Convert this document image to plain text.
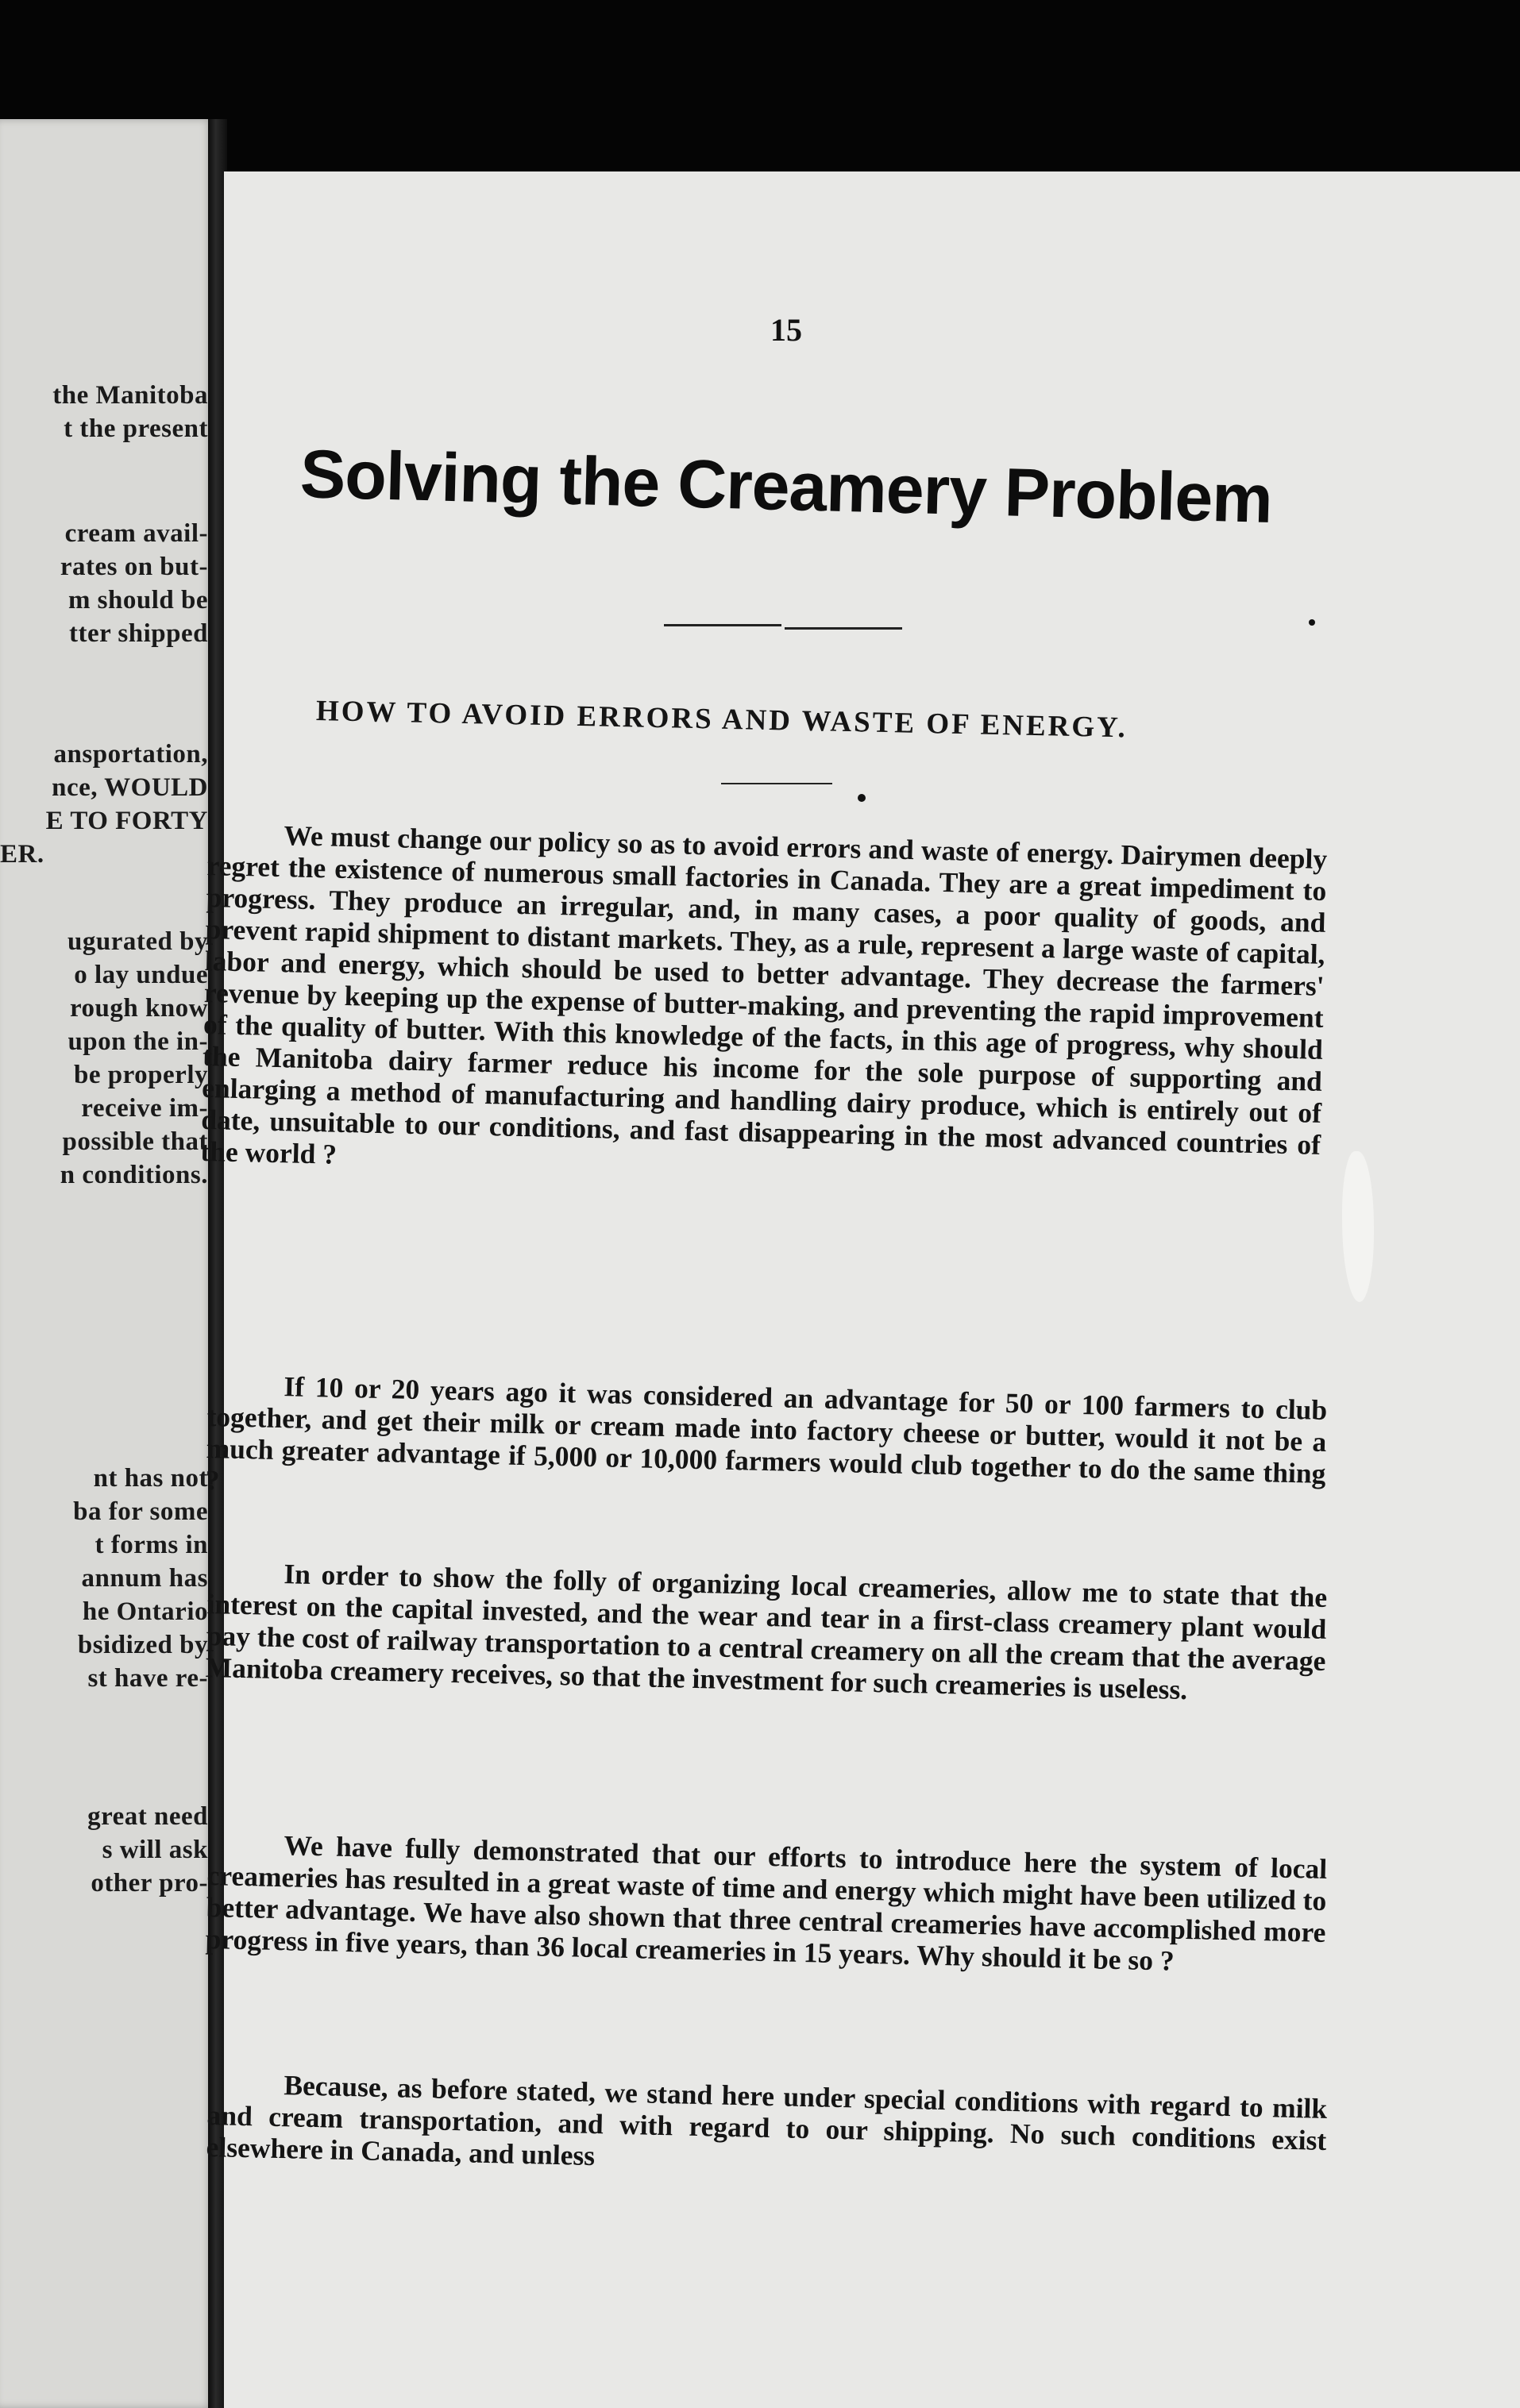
the Manitoba
t the present
cream avail-
rates on but-
m should be
tter shipped
ansportation,
nce, WOULD
E TO FORTY
ER.
ugurated by
o lay undue
rough know
upon the in-
be properly
receive im-
possible that
n conditions.
nt has not
ba for some
t forms in
annum has
he Ontario
bsidized by
st have re-
great need
s will ask
other pro-
15
Solving the Creamery Problem
HOW TO AVOID ERRORS AND WASTE OF ENERGY.
We must change our policy so as to avoid errors and waste of energy. Dairymen deeply regret the existence of numerous small factories in Canada. They are a great impediment to progress. They produce an irregular, and, in many cases, a poor quality of goods, and prevent rapid shipment to distant markets. They, as a rule, represent a large waste of capital, labor and energy, which should be used to better advantage. They decrease the farmers' revenue by keeping up the expense of butter-making, and preventing the rapid improvement of the quality of butter. With this knowledge of the facts, in this age of progress, why should the Manitoba dairy farmer reduce his income for the sole purpose of supporting and enlarging a method of manufacturing and handling dairy produce, which is entirely out of date, unsuitable to our conditions, and fast disappearing in the most advanced countries of the world ?
If 10 or 20 years ago it was considered an advantage for 50 or 100 farmers to club together, and get their milk or cream made into factory cheese or butter, would it not be a much greater advantage if 5,000 or 10,000 farmers would club together to do the same thing ?
In order to show the folly of organizing local creameries, allow me to state that the interest on the capital invested, and the wear and tear in a first-class creamery plant would pay the cost of railway transportation to a central creamery on all the cream that the average Manitoba creamery receives, so that the investment for such creameries is useless.
We have fully demonstrated that our efforts to introduce here the system of local creameries has resulted in a great waste of time and energy which might have been utilized to better advantage. We have also shown that three central creameries have accomplished more progress in five years, than 36 local creameries in 15 years. Why should it be so ?
Because, as before stated, we stand here under special conditions with regard to milk and cream transportation, and with regard to our shipping. No such conditions exist elsewhere in Canada, and unless
